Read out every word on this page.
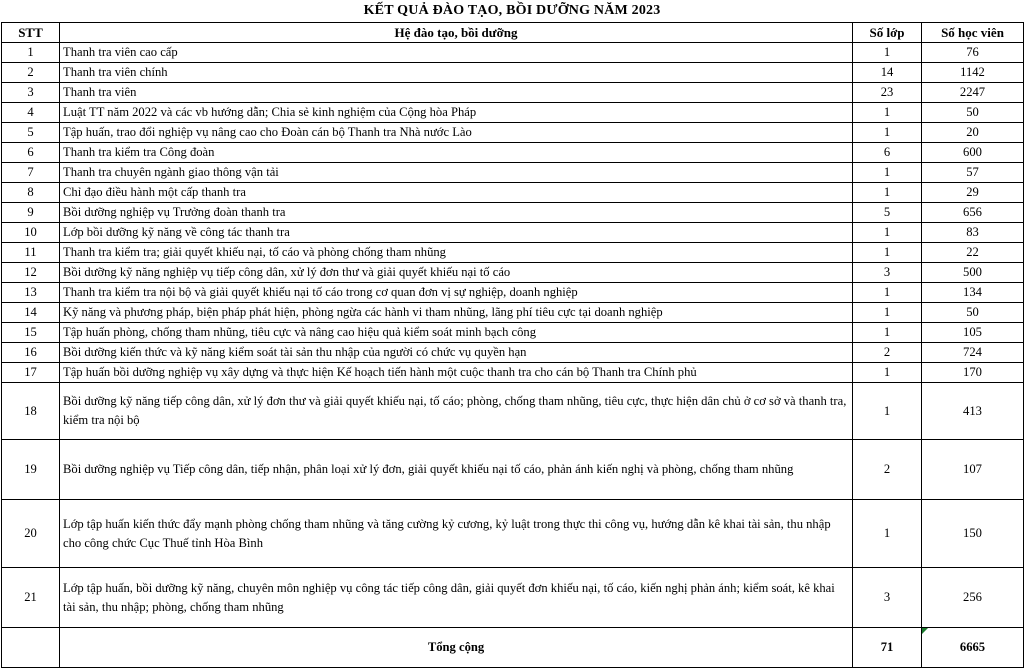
KẾT QUẢ ĐÀO TẠO, BỒI DƯỠNG NĂM 2023
STT	Hệ đào tạo, bồi dưỡng	Số lớp	Số học viên
1	Thanh tra viên cao cấp	1	76
2	Thanh tra viên chính	14	1142
3	Thanh tra viên	23	2247
4	Luật TT năm 2022 và các vb hướng dẫn; Chia sẻ kinh nghiệm của Cộng hòa Pháp	1	50
5	Tập huấn, trao đổi nghiệp vụ nâng cao cho Đoàn cán bộ Thanh tra Nhà nước Lào	1	20
6	Thanh tra kiểm tra Công đoàn	6	600
7	Thanh tra chuyên ngành giao thông vận tải	1	57
8	Chỉ đạo điều hành một cấp thanh tra	1	29
9	Bồi dưỡng nghiệp vụ Trưởng đoàn thanh tra	5	656
10	Lớp bồi dưỡng kỹ năng về công tác thanh tra	1	83
11	Thanh tra kiểm tra; giải quyết khiếu nại, tố cáo và phòng chống tham nhũng	1	22
12	Bồi dưỡng kỹ năng nghiệp vụ tiếp công dân, xử lý đơn thư và giải quyết khiếu nại tố cáo	3	500
13	Thanh tra kiểm tra nội bộ và giải quyết khiếu nại tố cáo trong cơ quan đơn vị sự nghiệp, doanh nghiệp	1	134
14	Kỹ năng và phương pháp, biện pháp phát hiện, phòng ngừa các hành vi tham nhũng, lãng phí tiêu cực tại doanh nghiệp	1	50
15	Tập huấn phòng, chống tham nhũng, tiêu cực và nâng cao hiệu quả kiểm soát minh bạch công	1	105
16	Bồi dưỡng kiến thức và kỹ năng kiểm soát tài sản thu nhập của người có chức vụ quyền hạn	2	724
17	Tập huấn bồi dưỡng nghiệp vụ xây dựng và thực hiện Kế hoạch tiến hành một cuộc thanh tra cho cán bộ Thanh tra Chính phủ	1	170
18	Bồi dưỡng kỹ năng tiếp công dân, xử lý đơn thư và giải quyết khiếu nại, tố cáo; phòng, chống tham nhũng, tiêu cực, thực hiện dân chủ ở cơ sở và thanh tra, kiểm tra nội bộ	1	413
19	Bồi dưỡng nghiệp vụ Tiếp công dân, tiếp nhận, phân loại xử lý đơn, giải quyết khiếu nại tố cáo, phản ánh kiến nghị và phòng, chống tham nhũng	2	107
20	Lớp tập huấn kiến thức đẩy mạnh phòng chống tham nhũng và tăng cường kỷ cương, kỷ luật trong thực thi công vụ, hướng dẫn kê khai tài sản, thu nhập cho công chức Cục Thuế tỉnh Hòa Bình	1	150
21	Lớp tập huấn, bồi dưỡng kỹ năng, chuyên môn nghiệp vụ công tác tiếp công dân, giải quyết đơn khiếu nại, tố cáo, kiến nghị phản ánh; kiểm soát, kê khai tài sản, thu nhập; phòng, chống tham nhũng	3	256
	Tổng cộng	71	6665
